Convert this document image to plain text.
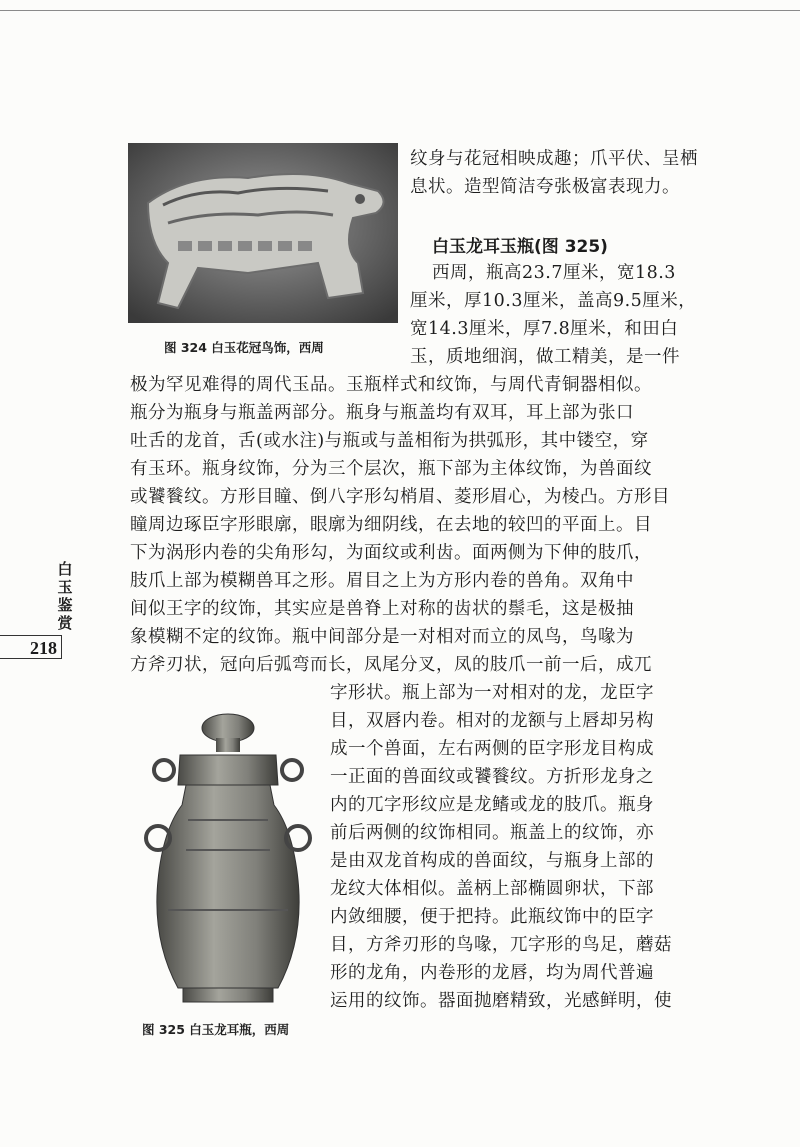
图 324 白玉花冠鸟饰，西周
图 325 白玉龙耳瓶，西周
白玉龙耳玉瓶(图 325)
纹身与花冠相映成趣；爪平伏、呈栖
息状。造型简洁夸张极富表现力。
西周，瓶高23.7厘米，宽18.3
厘米，厚10.3厘米，盖高9.5厘米，
宽14.3厘米，厚7.8厘米，和田白
玉，质地细润，做工精美，是一件
极为罕见难得的周代玉品。玉瓶样式和纹饰，与周代青铜器相似。
瓶分为瓶身与瓶盖两部分。瓶身与瓶盖均有双耳，耳上部为张口
吐舌的龙首，舌(或水注)与瓶或与盖相衔为拱弧形，其中镂空，穿
有玉环。瓶身纹饰，分为三个层次，瓶下部为主体纹饰，为兽面纹
或饕餮纹。方形目瞳、倒八字形勾梢眉、菱形眉心，为棱凸。方形目
瞳周边琢臣字形眼廓，眼廓为细阴线，在去地的较凹的平面上。目
下为涡形内卷的尖角形勾，为面纹或利齿。面两侧为下伸的肢爪，
肢爪上部为模糊兽耳之形。眉目之上为方形内卷的兽角。双角中
间似王字的纹饰，其实应是兽脊上对称的齿状的鬃毛，这是极抽
象模糊不定的纹饰。瓶中间部分是一对相对而立的凤鸟，鸟喙为
方斧刃状，冠向后弧弯而长，凤尾分叉，凤的肢爪一前一后，成兀
字形状。瓶上部为一对相对的龙，龙臣字
目，双唇内卷。相对的龙额与上唇却另构
成一个兽面，左右两侧的臣字形龙目构成
一正面的兽面纹或饕餮纹。方折形龙身之
内的兀字形纹应是龙鳍或龙的肢爪。瓶身
前后两侧的纹饰相同。瓶盖上的纹饰，亦
是由双龙首构成的兽面纹，与瓶身上部的
龙纹大体相似。盖柄上部椭圆卵状，下部
内敛细腰，便于把持。此瓶纹饰中的臣字
目，方斧刃形的鸟喙，兀字形的鸟足，蘑菇
形的龙角，内卷形的龙唇，均为周代普遍
运用的纹饰。器面抛磨精致，光感鲜明，使
白
玉
鉴
赏
218
